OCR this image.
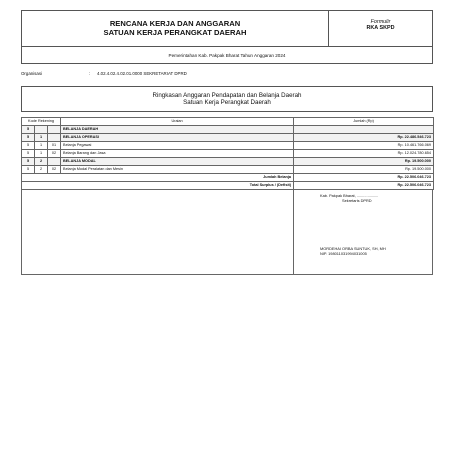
RENCANA KERJA DAN ANGGARAN
SATUAN KERJA PERANGKAT DAERAH
Formulir
RKA SKPD
Pemerintahan Kab. Pakpak Bharat Tahun Anggaran 2024
Organisasi	: 4.02.4.02.4.02.01.0000 SEKRETARIAT DPRD
Ringkasan Anggaran Pendapatan dan Belanja Daerah
Satuan Kerja Perangkat Daerah
Kode Rekening			Uraian	Jumlah (Rp)
5			BELANJA DAERAH	
5	1		BELANJA OPERASI	Rp. 22.486.546.723
5	1	01	Belanja Pegawai	Rp. 10.461.766.069
5	1	02	Belanja Barang dan Jasa	Rp. 12.024.780.654
5	2		BELANJA MODAL	Rp. 19.500.000
5	2	02	Belanja Modal Peralatan dan Mesin	Rp. 19.500.000
Jumlah Belanja				Rp. 22.506.046.723
Total Surplus / (Defisit)				Rp. 22.506.046.723
Kab. Pakpak Bharat, ....................
Sekretaris DPRD
MORDEHAI ORBA SUNTUK, SH, MH
NIP. 198011031994031005
